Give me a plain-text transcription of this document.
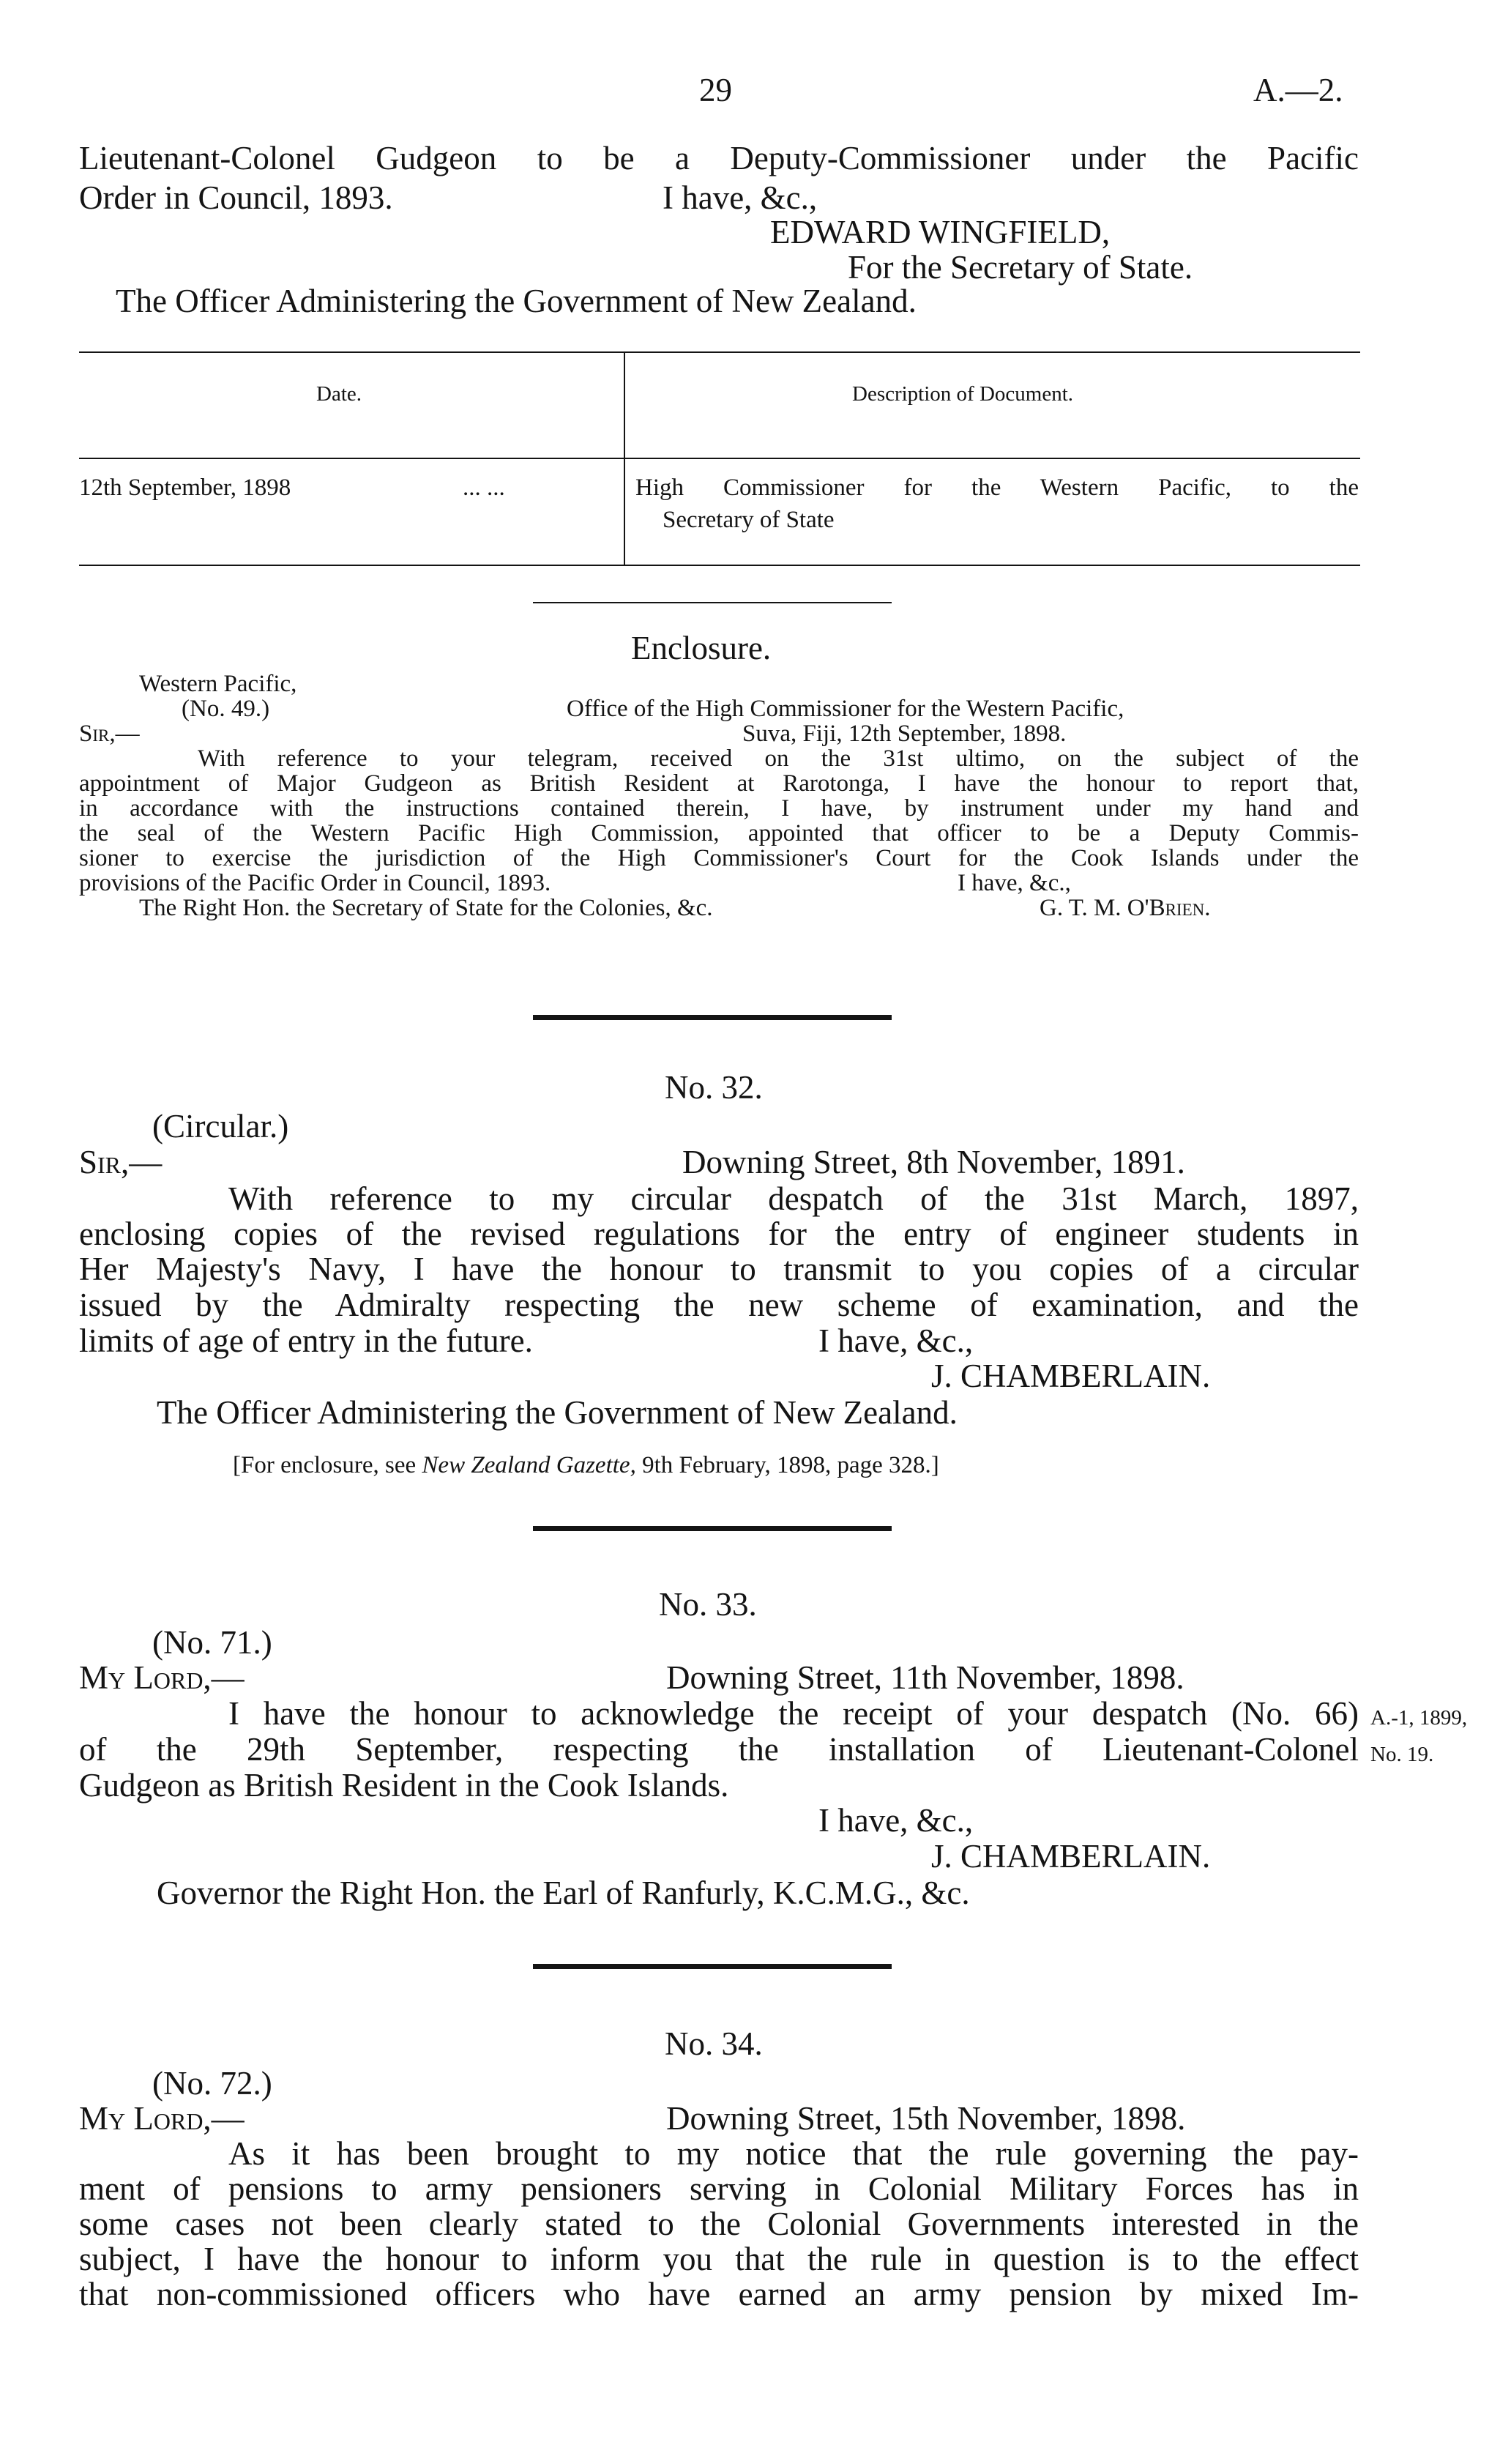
29	A.—2.
Lieutenant-Colonel Gudgeon to be a Deputy-Commissioner under the Pacific
Order in Council, 1893.	I have, &c.,
EDWARD WINGFIELD,
For the Secretary of State.
The Officer Administering the Government of New Zealand.
Date.	Description of Document.
12th September, 1898	... ...	High Commissioner for the Western Pacific, to the
Secretary of State
Enclosure.
Western Pacific,
(No. 49.)	Office of the High Commissioner for the Western Pacific,
Sir,—	Suva, Fiji, 12th September, 1898.
With reference to your telegram, received on the 31st ultimo, on the subject of the
appointment of Major Gudgeon as British Resident at Rarotonga, I have the honour to report that,
in accordance with the instructions contained therein, I have, by instrument under my hand and
the seal of the Western Pacific High Commission, appointed that officer to be a Deputy Commis-
sioner to exercise the jurisdiction of the High Commissioner's Court for the Cook Islands under the
provisions of the Pacific Order in Council, 1893.	I have, &c.,
The Right Hon. the Secretary of State for the Colonies, &c.	G. T. M. O'Brien.
No. 32.
(Circular.)
Sir,—	Downing Street, 8th November, 1891.
With reference to my circular despatch of the 31st March, 1897,
enclosing copies of the revised regulations for the entry of engineer students in
Her Majesty's Navy, I have the honour to transmit to you copies of a circular
issued by the Admiralty respecting the new scheme of examination, and the
limits of age of entry in the future.	I have, &c.,
J. CHAMBERLAIN.
The Officer Administering the Government of New Zealand.
[For enclosure, see New Zealand Gazette, 9th February, 1898, page 328.]
No. 33.
(No. 71.)
My Lord,—	Downing Street, 11th November, 1898.
I have the honour to acknowledge the receipt of your despatch (No. 66)
of the 29th September, respecting the installation of Lieutenant-Colonel
Gudgeon as British Resident in the Cook Islands.
A.-1, 1899,
No. 19.
I have, &c.,
J. CHAMBERLAIN.
Governor the Right Hon. the Earl of Ranfurly, K.C.M.G., &c.
No. 34.
(No. 72.)
My Lord,—	Downing Street, 15th November, 1898.
As it has been brought to my notice that the rule governing the pay-
ment of pensions to army pensioners serving in Colonial Military Forces has in
some cases not been clearly stated to the Colonial Governments interested in the
subject, I have the honour to inform you that the rule in question is to the effect
that non-commissioned officers who have earned an army pension by mixed Im-
